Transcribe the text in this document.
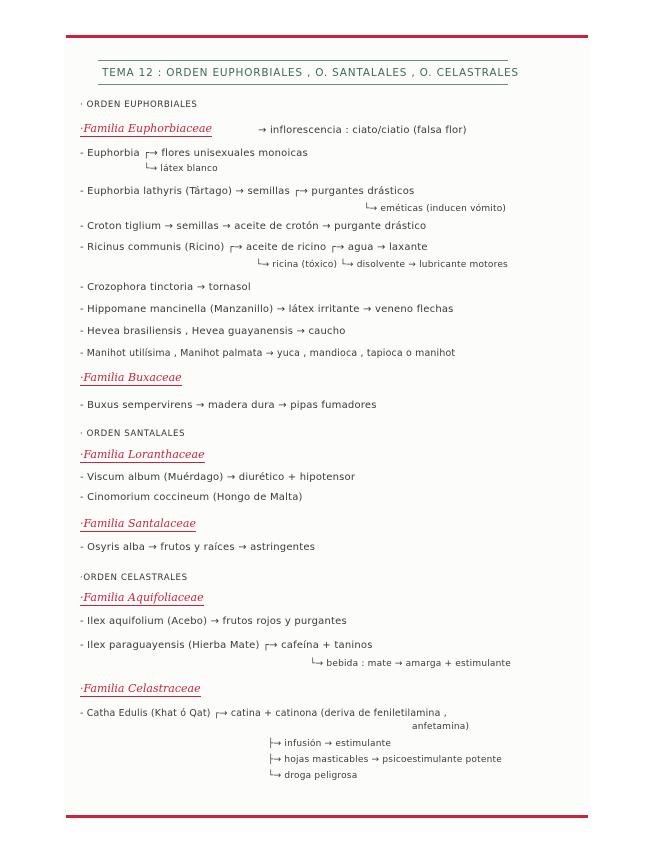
TEMA 12 : ORDEN EUPHORBIALES , O. SANTALALES , O. CELASTRALES
· ORDEN EUPHORBIALES
·Familia Euphorbiaceae	→ inflorescencia : ciato/ciatio (falsa flor)
- Euphorbia ┌→ flores unisexuales monoicas
└→ látex blanco
- Euphorbia lathyris (Tártago) → semillas ┌→ purgantes drásticos
└→ eméticas (inducen vómito)
- Croton tiglium → semillas → aceite de crotón → purgante drástico
- Ricinus communis (Ricino) ┌→ aceite de ricino ┌→ agua → laxante
└→ ricina (tóxico) └→ disolvente → lubricante motores
- Crozophora tinctoria → tornasol
- Hippomane mancinella (Manzanillo) → látex irritante → veneno flechas
- Hevea brasiliensis , Hevea guayanensis → caucho
- Manihot utilísima , Manihot palmata → yuca , mandioca , tapioca o manihot
·Familia Buxaceae
- Buxus sempervirens → madera dura → pipas fumadores
· ORDEN SANTALALES
·Familia Loranthaceae
- Viscum album (Muérdago) → diurético + hipotensor
- Cinomorium coccineum (Hongo de Malta)
·Familia Santalaceae
- Osyris alba → frutos y raíces → astringentes
·ORDEN CELASTRALES
·Familia Aquifoliaceae
- Ilex aquifolium (Acebo) → frutos rojos y purgantes
- Ilex paraguayensis (Hierba Mate) ┌→ cafeína + taninos
└→ bebida : mate → amarga + estimulante
·Familia Celastraceae
- Catha Edulis (Khat ó Qat) ┌→ catina + catinona (deriva de feniletilamina ,
anfetamina)
├→ infusión → estimulante
├→ hojas masticables → psicoestimulante potente
└→ droga peligrosa
